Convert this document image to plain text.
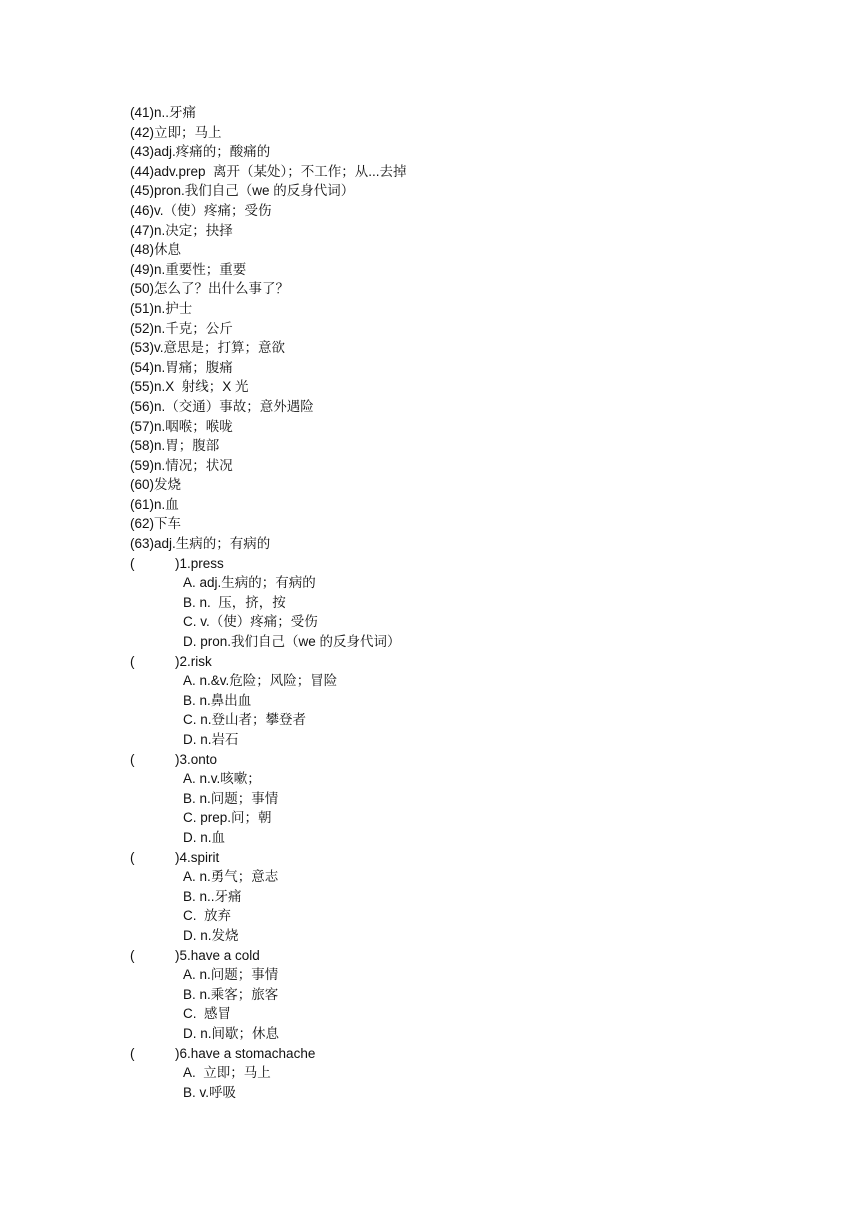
(41)n..牙痛
(42)立即；马上
(43)adj.疼痛的；酸痛的
(44)adv.prep  离开（某处）；不工作；从...去掉
(45)pron.我们自己（we 的反身代词）
(46)v.（使）疼痛；受伤
(47)n.决定；抉择
(48)休息
(49)n.重要性；重要
(50)怎么了？出什么事了？
(51)n.护士
(52)n.千克；公斤
(53)v.意思是；打算；意欲
(54)n.胃痛；腹痛
(55)n.X  射线；X 光
(56)n.（交通）事故；意外遇险
(57)n.咽喉；喉咙
(58)n.胃；腹部
(59)n.情况；状况
(60)发烧
(61)n.血
(62)下车
(63)adj.生病的；有病的
(	)1.press
A. adj.生病的；有病的
B. n.  压，挤，按
C. v.（使）疼痛；受伤
D. pron.我们自己（we 的反身代词）
(	)2.risk
A. n.&v.危险；风险；冒险
B. n.鼻出血
C. n.登山者；攀登者
D. n.岩石
(	)3.onto
A. n.v.咳嗽；
B. n.问题；事情
C. prep.问；朝
D. n.血
(	)4.spirit
A. n.勇气；意志
B. n..牙痛
C.  放弃
D. n.发烧
(	)5.have a cold
A. n.问题；事情
B. n.乘客；旅客
C.  感冒
D. n.间歇；休息
(	)6.have a stomachache
A.  立即；马上
B. v.呼吸
